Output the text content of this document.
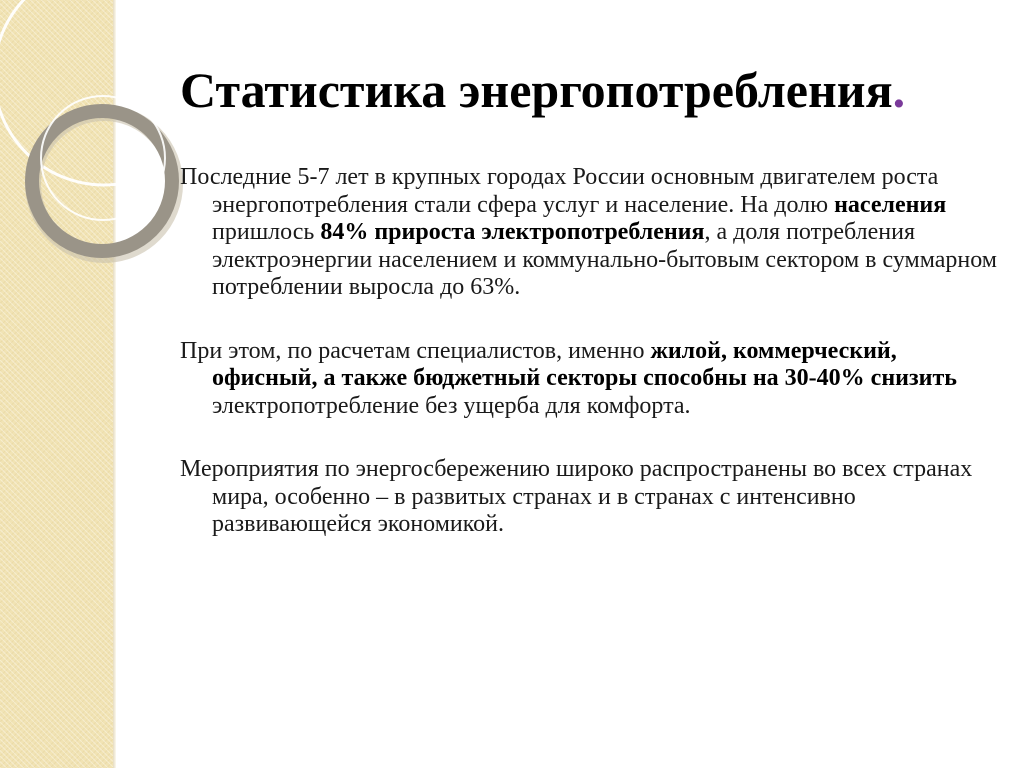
Статистика энергопотребления.

Последние 5-7 лет в крупных городах России основным двигателем роста энергопотребления стали сфера услуг и население. На долю населения пришлось 84% прироста электропотребления, а доля потребления электроэнергии населением и коммунально-бытовым сектором в суммарном потреблении выросла до 63%.

При этом, по расчетам специалистов, именно жилой, коммерческий, офисный, а также бюджетный секторы способны на 30-40% снизить электропотребление без ущерба для комфорта.

Мероприятия по энергосбережению широко распространены во всех странах мира, особенно – в развитых странах и в странах с интенсивно развивающейся экономикой.
